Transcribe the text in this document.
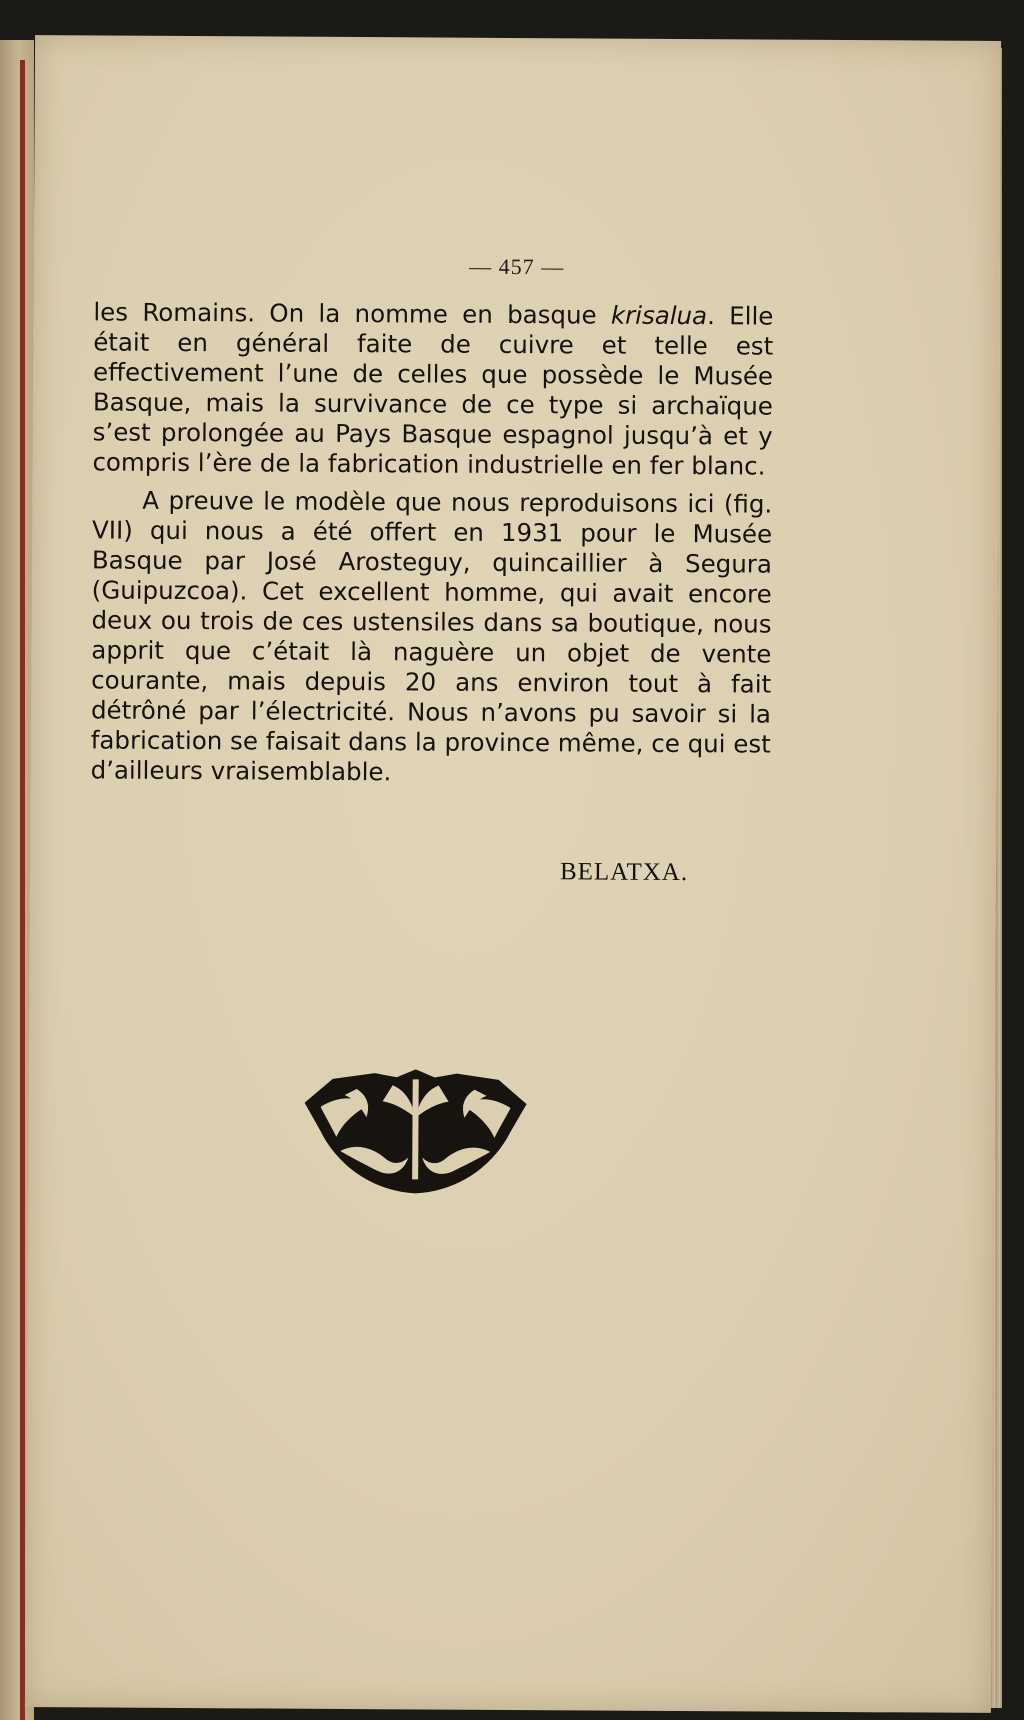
— 457 —

les Romains. On la nomme en basque krisalua. Elle était en général faite de cuivre et telle est effectivement l’une de celles que possède le Musée Basque, mais la survivance de ce type si archaïque s’est prolongée au Pays Basque espagnol jusqu’à et y compris l’ère de la fabrication industrielle en fer blanc.

A preuve le modèle que nous reproduisons ici (fig. VII) qui nous a été offert en 1931 pour le Musée Basque par José Arosteguy, quincaillier à Segura (Guipuzcoa). Cet excellent homme, qui avait encore deux ou trois de ces ustensiles dans sa boutique, nous apprit que c’était là naguère un objet de vente courante, mais depuis 20 ans environ tout à fait détrôné par l’électricité. Nous n’avons pu savoir si la fabrication se faisait dans la province même, ce qui est d’ailleurs vraisemblable.

BELATXA.
